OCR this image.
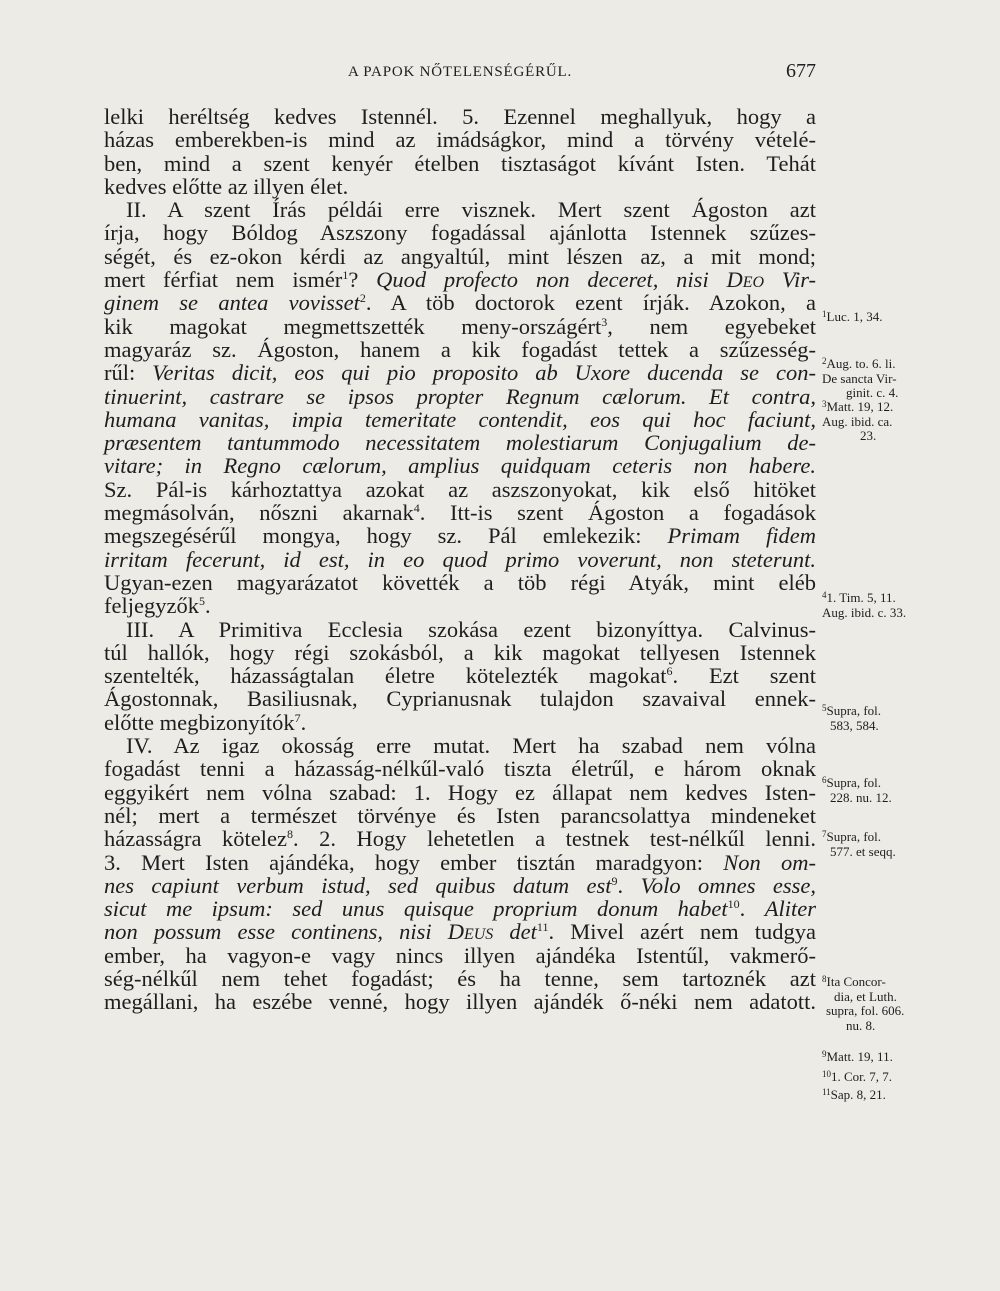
A PAPOK NŐTELENSÉGÉRŰL.	677
lelki heréltség kedves Istennél. 5. Ezennel meghallyuk, hogy a
házas emberekben-is mind az imádságkor, mind a törvény vételé-
ben, mind a szent kenyér ételben tisztaságot kívánt Isten. Tehát
kedves előtte az illyen élet.
II. A szent Írás példái erre visznek. Mert szent Ágoston azt
írja, hogy Bóldog Aszszony fogadással ajánlotta Istennek szűzes-
ségét, és ez-okon kérdi az angyaltúl, mint lészen az, a mit mond;
mert férfiat nem ismér$^1$? Quod profecto non deceret, nisi Deo Vir-
ginem se antea vovisset$^2$. A töb doctorok ezent írják. Azokon, a
kik magokat megmettszették meny-országért$^3$, nem egyebeket
magyaráz sz. Ágoston, hanem a kik fogadást tettek a szűzesség-
rűl: Veritas dicit, eos qui pio proposito ab Uxore ducenda se con-
tinuerint, castrare se ipsos propter Regnum cælorum. Et contra,
humana vanitas, impia temeritate contendit, eos qui hoc faciunt,
præsentem tantummodo necessitatem molestiarum Conjugalium de-
vitare; in Regno cælorum, amplius quidquam ceteris non habere.
Sz. Pál-is kárhoztattya azokat az aszszonyokat, kik első hitöket
megmásolván, nőszni akarnak$^4$. Itt-is szent Ágoston a fogadások
megszegésérűl mongya, hogy sz. Pál emlekezik: Primam fidem
irritam fecerunt, id est, in eo quod primo voverunt, non steterunt.
Ugyan-ezen magyarázatot követték a töb régi Atyák, mint eléb
feljegyzők$^5$.
III. A Primitiva Ecclesia szokása ezent bizonyíttya. Calvinus-
túl hallók, hogy régi szokásból, a kik magokat tellyesen Istennek
szentelték, házasságtalan életre kötelezték magokat$^6$. Ezt szent
Ágostonnak, Basiliusnak, Cyprianusnak tulajdon szavaival ennek-
előtte megbizonyítók$^7$.
IV. Az igaz okosság erre mutat. Mert ha szabad nem vólna
fogadást tenni a házasság-nélkűl-való tiszta életrűl, e három oknak
eggyikért nem vólna szabad: 1. Hogy ez állapat nem kedves Isten-
nél; mert a természet törvénye és Isten parancsolattya mindeneket
házasságra kötelez$^8$. 2. Hogy lehetetlen a testnek test-nélkűl lenni.
3. Mert Isten ajándéka, hogy ember tisztán maradgyon: Non om-
nes capiunt verbum istud, sed quibus datum est$^9$. Volo omnes esse,
sicut me ipsum: sed unus quisque proprium donum habet$^{10}$. Aliter
non possum esse continens, nisi Deus $\det^{11}$. Mivel azért nem tudgya
ember, ha vagyon-e vagy nincs illyen ajándéka Istentűl, vakmerő-
ség-nélkűl nem tehet fogadást; és ha tenne, sem tartoznék azt
megállani, ha eszébe venné, hogy illyen ajándék ő-néki nem adatott.
$^1$Luc. 1, 34.
$^2$Aug. to. 6. li.
De sancta Vir-
ginit. c. 4.
$^3$Matt. 19, 12.
Aug. ibid. ca.
23.
$^4$1. Tim. 5, 11.
Aug. ibid. c. 33.
$^5$Supra, fol.
583, 584.
$^6$Supra, fol.
228. nu. 12.
$^7$Supra, fol.
577. et seqq.
$^8$Ita Concor-
dia, et Luth.
supra, fol. 606.
nu. 8.
$^9$Matt. 19, 11.
$^{10}$1. Cor. 7, 7.
$^{11}$Sap. 8, 21.
